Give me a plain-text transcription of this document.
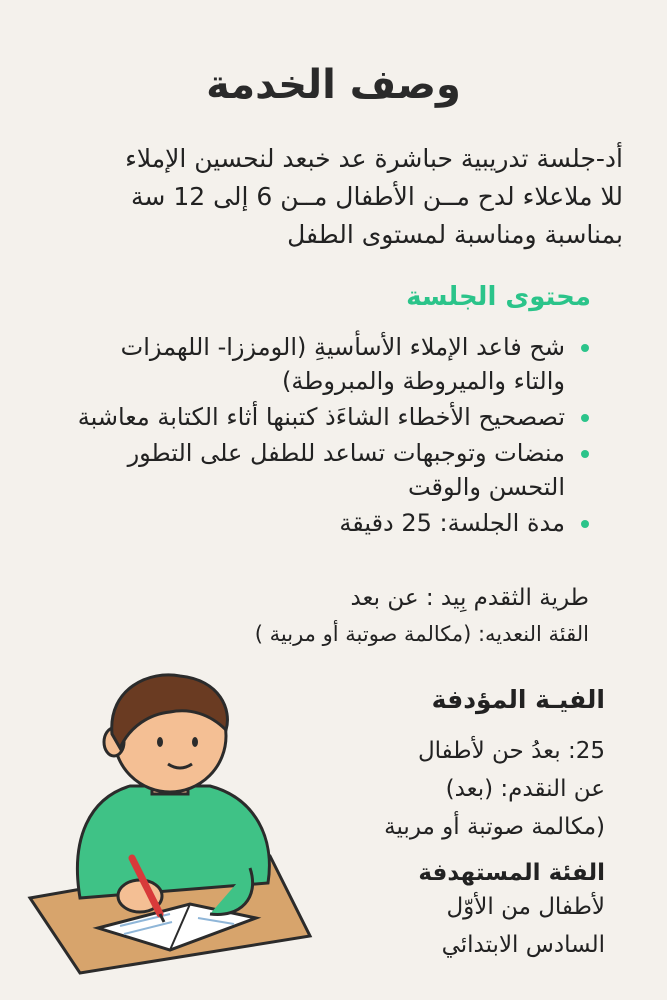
وصف الخدمة

أد-جلسة تدريبية حباشرة عد خبعد لنحسين الإملاء

للا ملاعلاء لدح مــن الأطفال مــن 6 إلى 12 سة

بمناسبة ومناسبة لمستوى الطفل

محتوى الجلسة
شح فاعد الإملاء الأسأسيةِ (الومززا- اللهمزات والتاء والميروطة والمبروطة)
تصصحيح الأخطاء الشاءَذ كتبنها أثاء الكتابة معاشبة
منضات وتوجبهات تساعد للطفل على التطور التحسن والوقت
مدة الجلسة: 25 دقيقة

طرية الثقدم بِيد : عن بعد

القئة النعديه: (مكالمة صوتبة أو مربية )

الفيـة المؤدفة

25: بعدُ حن لأطفال

عن النقدم: (بعد)

(مكالمة صوتبة أو مربية

الفئة المستهدفة

لأطفال من الأوّل

السادس الابتدائي
